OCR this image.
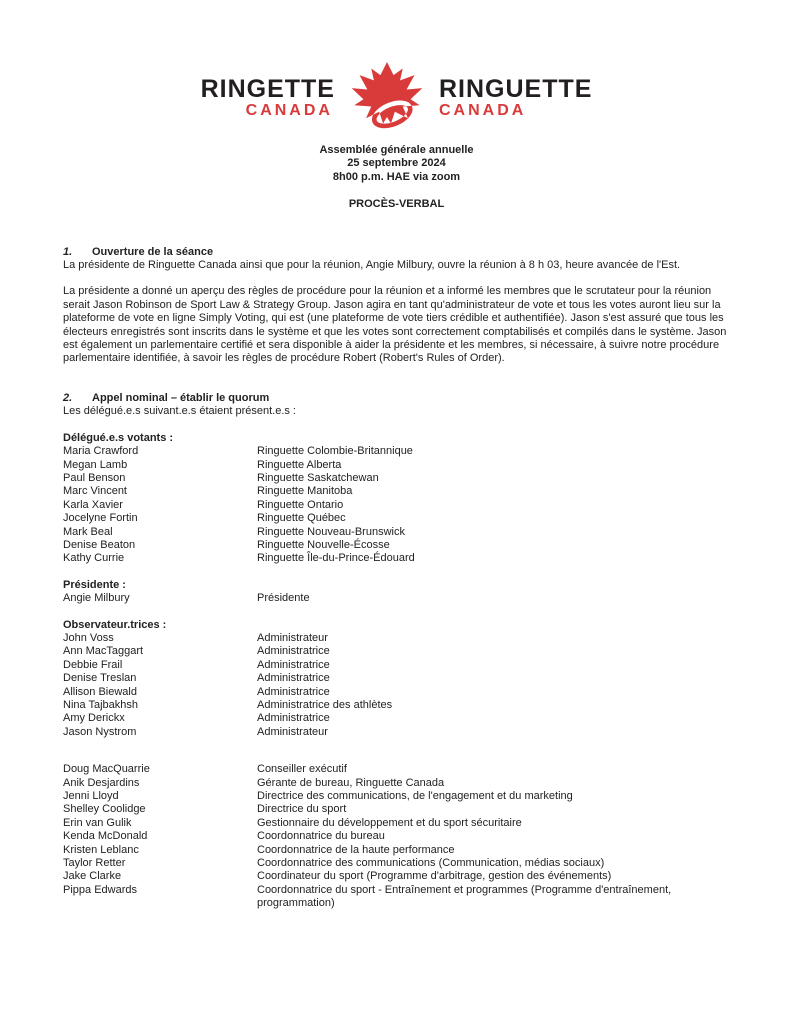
RINGETTE
CANADA
RINGUETTE
CANADA
Assemblée générale annuelle
25 septembre 2024
8h00 p.m. HAE via zoom
PROCÈS-VERBAL
1.	Ouverture de la séance

La présidente de Ringuette Canada ainsi que pour la réunion, Angie Milbury, ouvre la réunion à 8 h 03, heure avancée de l'Est.

La présidente a donné un aperçu des règles de procédure pour la réunion et a informé les membres que le scrutateur pour la réunion serait Jason Robinson de Sport Law & Strategy Group. Jason agira en tant qu'administrateur de vote et tous les votes auront lieu sur la plateforme de vote en ligne Simply Voting, qui est (une plateforme de vote tiers crédible et authentifiée). Jason s'est assuré que tous les électeurs enregistrés sont inscrits dans le système et que les votes sont correctement comptabilisés et compilés dans le système. Jason est également un parlementaire certifié et sera disponible à aider la présidente et les membres, si nécessaire, à suivre notre procédure parlementaire identifiée, à savoir les règles de procédure Robert (Robert's Rules of Order).

2.	Appel nominal – établir le quorum

Les délégué.e.s suivant.e.s étaient présent.e.s :

Délégué.e.s votants :
Maria Crawford	Ringuette Colombie-Britannique
Megan Lamb	Ringuette Alberta
Paul Benson	Ringuette Saskatchewan
Marc Vincent	Ringuette Manitoba
Karla Xavier	Ringuette Ontario
Jocelyne Fortin	Ringuette Québec
Mark Beal	Ringuette Nouveau-Brunswick
Denise Beaton	Ringuette Nouvelle-Écosse
Kathy Currie	Ringuette Île-du-Prince-Édouard
Présidente :
Angie Milbury	Présidente
Observateur.trices :
John Voss	Administrateur
Ann MacTaggart	Administratrice
Debbie Frail	Administratrice
Denise Treslan	Administratrice
Allison Biewald	Administratrice
Nina Tajbakhsh	Administratrice des athlètes
Amy Derickx	Administratrice
Jason Nystrom	Administrateur
Doug MacQuarrie	Conseiller exécutif
Anik Desjardins	Gérante de bureau, Ringuette Canada
Jenni Lloyd	Directrice des communications, de l'engagement et du marketing
Shelley Coolidge	Directrice du sport
Erin van Gulik	Gestionnaire du développement et du sport sécuritaire
Kenda McDonald	Coordonnatrice du bureau
Kristen Leblanc	Coordonnatrice de la haute performance
Taylor Retter	Coordonnatrice des communications (Communication, médias sociaux)
Jake Clarke	Coordinateur du sport (Programme d'arbitrage, gestion des événements)
Pippa Edwards	Coordonnatrice du sport - Entraînement et programmes (Programme d'entraînement, programmation)
